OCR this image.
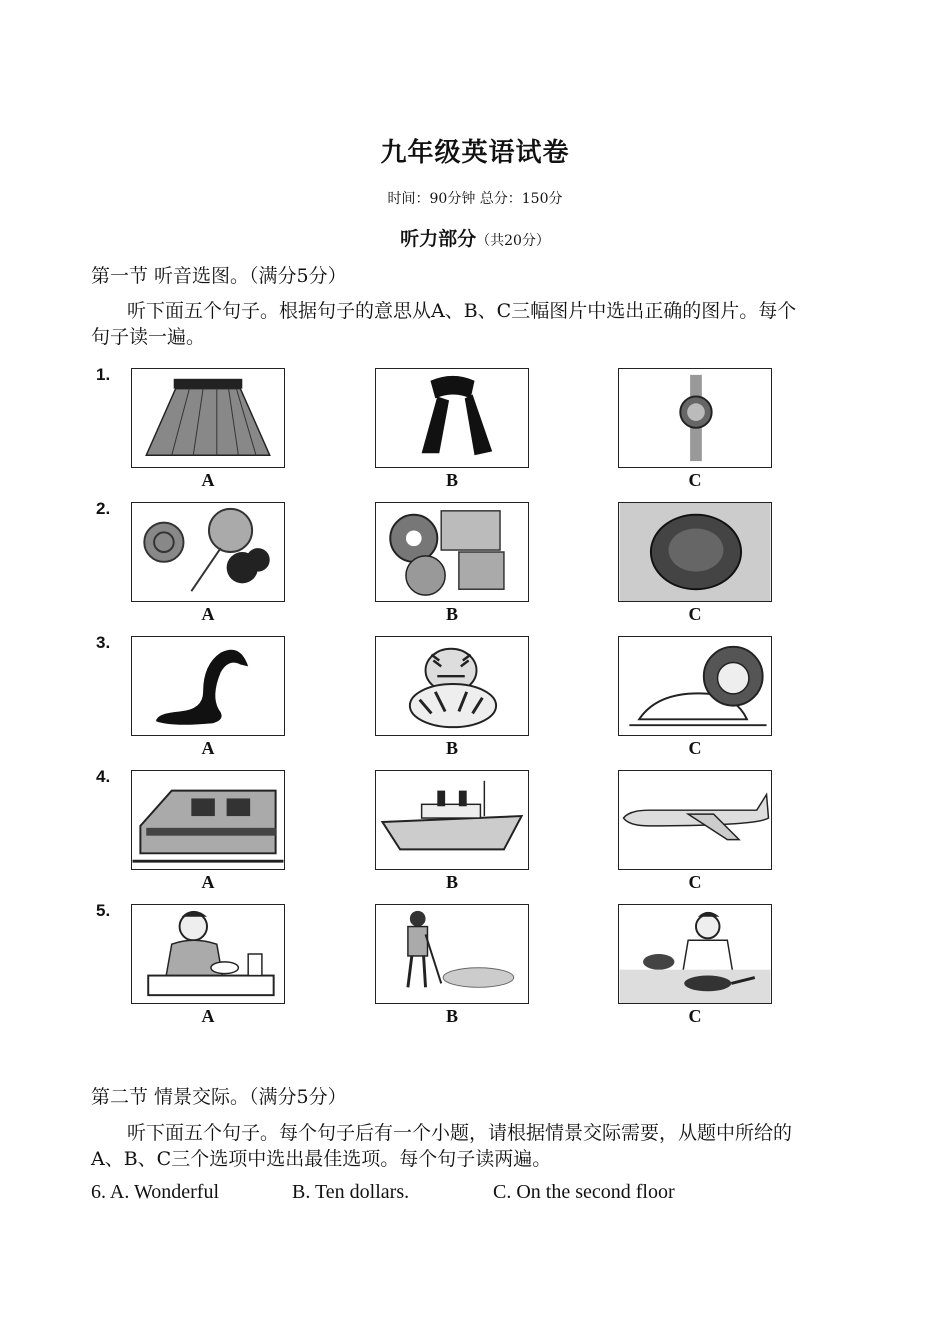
九年级英语试卷
时间：90分钟 总分：150分
听力部分（共20分）
第一节 听音选图。（满分5分）

听下面五个句子。根据句子的意思从A、B、C三幅图片中选出正确的图片。每个句子读一遍。

1.
A	B	C
2.
A	B	C
3.
A	B	C
4.
A	B	C
5.
A	B	C
第二节 情景交际。（满分5分）

听下面五个句子。每个句子后有一个小题，请根据情景交际需要，从题中所给的A、B、C三个选项中选出最佳选项。每个句子读两遍。

6. A. Wonderful	B. Ten dollars.	C. On the second floor
